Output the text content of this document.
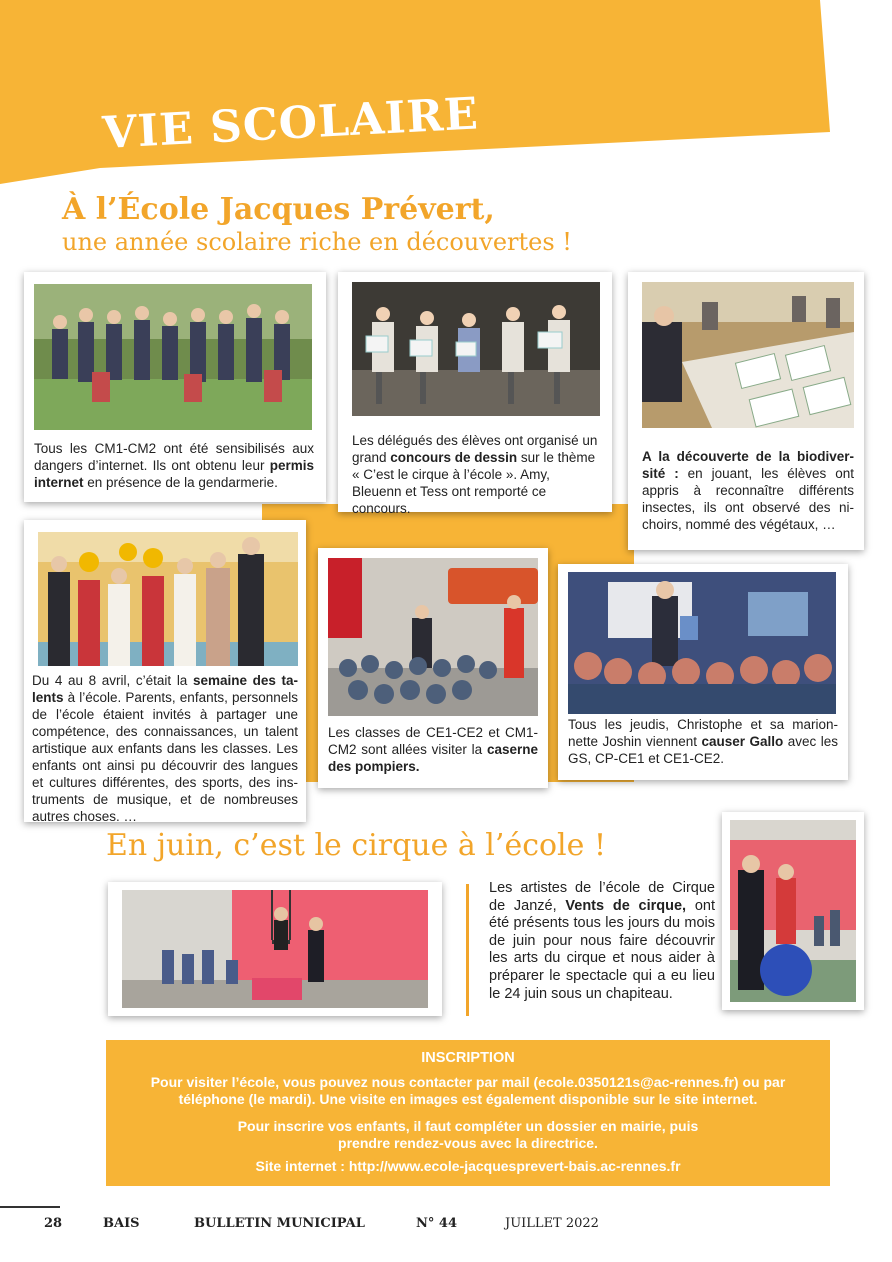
VIE SCOLAIRE
À l’École Jacques Prévert,
une année scolaire riche en découvertes !
Tous les CM1-CM2 ont été sensibilisés aux dangers d’internet. Ils ont obtenu leur permis internet en présence de la gendarmerie.
Les délégués des élèves ont organisé un grand concours de dessin sur le thème « C’est le cirque à l’école ». Amy, Bleuenn et Tess ont remporté ce concours.
A la découverte de la biodiver-sité : en jouant, les élèves ont appris à reconnaître différents insectes, ils ont observé des ni-choirs, nommé des végétaux, …
Du 4 au 8 avril, c’était la semaine des ta-lents à l’école. Parents, enfants, personnels de l’école étaient invités à partager une compétence, des connaissances, un talent artistique aux enfants dans les classes. Les enfants ont ainsi pu découvrir des langues et cultures différentes, des sports, des ins-truments de musique, et de nombreuses autres choses. …
Les classes de CE1-CE2 et CM1-CM2 sont allées visiter la caserne des pompiers.
Tous les jeudis, Christophe et sa marion-nette Joshin viennent causer Gallo avec les GS, CP-CE1 et CE1-CE2.
En juin, c’est le cirque à l’école !
Les artistes de l’école de Cirque de Janzé, Vents de cirque, ont été présents tous les jours du mois de juin pour nous faire découvrir les arts du cirque et nous aider à préparer le spectacle qui a eu lieu le 24 juin sous un chapiteau.

INSCRIPTION

Pour visiter l’école, vous pouvez nous contacter par mail (ecole.0350121s@ac-rennes.fr) ou par téléphone (le mardi). Une visite en images est également disponible sur le site internet.

Pour inscrire vos enfants, il faut compléter un dossier en mairie, puis prendre rendez-vous avec la directrice.

Site internet : http://www.ecole-jacquesprevert-bais.ac-rennes.fr

28	BAIS	BULLETIN MUNICIPAL	N° 44	JUILLET 2022
